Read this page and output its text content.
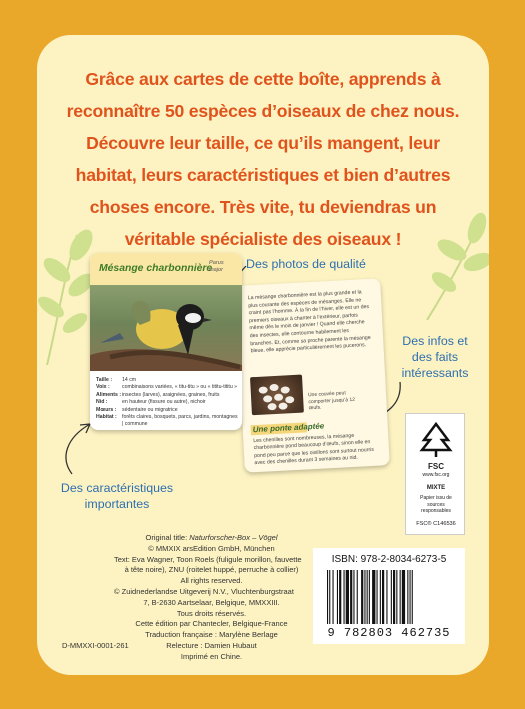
Grâce aux cartes de cette boîte, apprends à
reconnaître 50 espèces d’oiseaux de chez nous.
Découvre leur taille, ce qu’ils mangent, leur
habitat, leurs caractéristiques et bien d’autres
choses encore. Très vite, tu deviendras un
véritable spécialiste des oiseaux !
Des photos de qualité
Des infos et
des faits
intéressants
Des caractéristiques
importantes
La mésange charbonnière est la plus grande et la plus courante des espèces de mésanges. Elle ne craint pas l’homme. À la fin de l’hiver, elle est un des premiers oiseaux à chanter à l’extérieur, parfois même dès le mois de janvier ! Quand elle cherche des insectes, elle contourne habilement les branches. Et, comme sa proche parente la mésange bleue, elle apprécie particulièrement les pucerons.
Une couvée peut comporter jusqu’à 12 œufs.
Une ponte adaptée
Les chenilles sont nombreuses, la mésange charbonnière pond beaucoup d’œufs, sinon elle en pond peu parce que les oisillons sont surtout nourris avec des chenilles durant 3 semaines au nid.
Mésange charbonnière
Parus major
Taille :	14 cm
Voix :	combinaisons variées, « titu-titu » ou « tititu-tititu »
Aliments : insectes (larves), araignées, graines, fruits
Nid :	en hauteur (fissure ou autre), nichoir
Mœurs :	sédentaire ou migratrice
Habitat :	forêts claires, bosquets, parcs, jardins, montagnes | commune
FSC
www.fsc.org
MIXTE
Papier issu de sources responsables
FSC® C146536

Original title: Naturforscher-Box – Vögel

© MMXIX arsEdition GmbH, München

Text: Eva Wagner, Toon Roels (fuligule morillon, fauvette

à tête noire), ZNU (roitelet huppé, perruche à collier)

All rights reserved.

© Zuidnederlandse Uitgeverij N.V., Vluchtenburgstraat

7, B-2630 Aartselaar, Belgique, MMXXIII.

Tous droits réservés.

Cette édition par Chantecler, Belgique-France

Traduction française : Marylène Berlage

Relecture : Damien Hubaut

Imprimé en Chine.

D-MMXXI-0001-261
ISBN: 978-2-8034-6273-5
9 782803 462735
